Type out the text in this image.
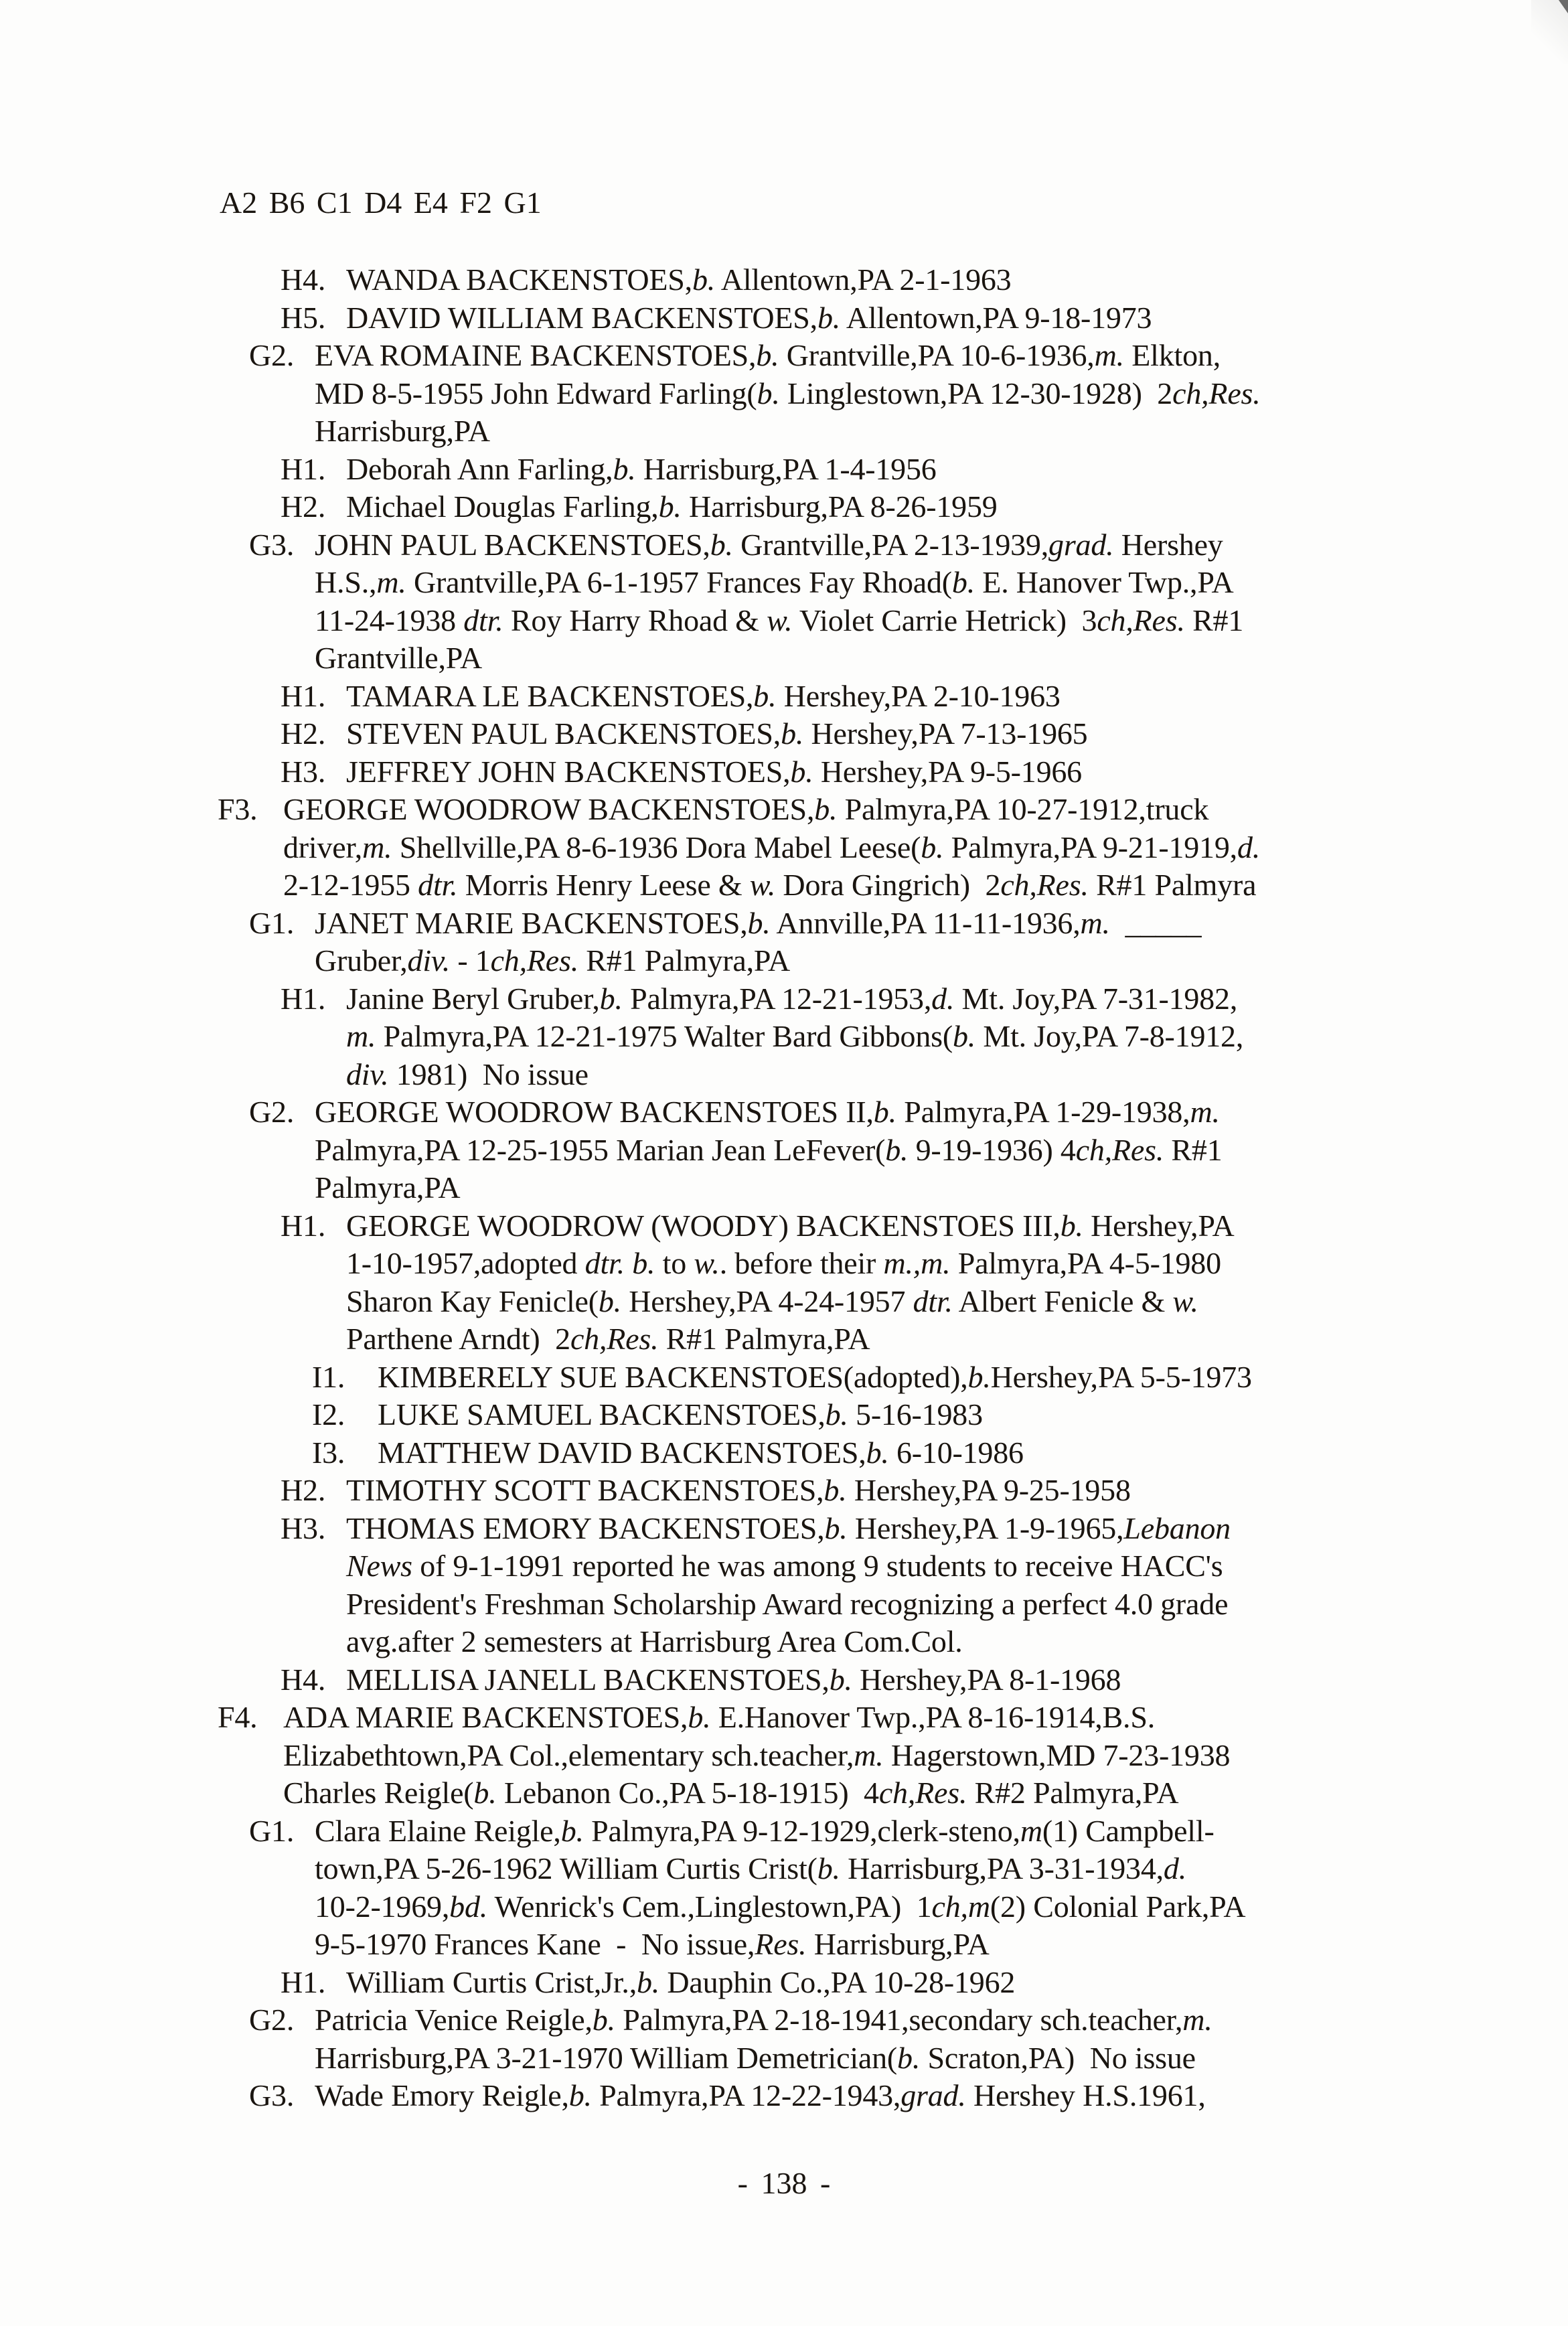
A2 B6 C1 D4 E4 F2 G1
H4. WANDA BACKENSTOES,b. Allentown,PA 2-1-1963
H5. DAVID WILLIAM BACKENSTOES,b. Allentown,PA 9-18-1973
G2. EVA ROMAINE BACKENSTOES,b. Grantville,PA 10-6-1936,m. Elkton,
MD 8-5-1955 John Edward Farling(b. Linglestown,PA 12-30-1928)  2ch,Res.
Harrisburg,PA
H1. Deborah Ann Farling,b. Harrisburg,PA 1-4-1956
H2. Michael Douglas Farling,b. Harrisburg,PA 8-26-1959
G3. JOHN PAUL BACKENSTOES,b. Grantville,PA 2-13-1939,grad. Hershey
H.S.,m. Grantville,PA 6-1-1957 Frances Fay Rhoad(b. E. Hanover Twp.,PA
11-24-1938 dtr. Roy Harry Rhoad & w. Violet Carrie Hetrick)  3ch,Res. R#1
Grantville,PA
H1. TAMARA LE BACKENSTOES,b. Hershey,PA 2-10-1963
H2. STEVEN PAUL BACKENSTOES,b. Hershey,PA 7-13-1965
H3. JEFFREY JOHN BACKENSTOES,b. Hershey,PA 9-5-1966
F3. GEORGE WOODROW BACKENSTOES,b. Palmyra,PA 10-27-1912,truck
driver,m. Shellville,PA 8-6-1936 Dora Mabel Leese(b. Palmyra,PA 9-21-1919,d.
2-12-1955 dtr. Morris Henry Leese & w. Dora Gingrich)  2ch,Res. R#1 Palmyra
G1. JANET MARIE BACKENSTOES,b. Annville,PA 11-11-1936,m.  _____
Gruber,div. - 1ch,Res. R#1 Palmyra,PA
H1. Janine Beryl Gruber,b. Palmyra,PA 12-21-1953,d. Mt. Joy,PA 7-31-1982,
m. Palmyra,PA 12-21-1975 Walter Bard Gibbons(b. Mt. Joy,PA 7-8-1912,
div. 1981)  No issue
G2. GEORGE WOODROW BACKENSTOES II,b. Palmyra,PA 1-29-1938,m.
Palmyra,PA 12-25-1955 Marian Jean LeFever(b. 9-19-1936) 4ch,Res. R#1
Palmyra,PA
H1. GEORGE WOODROW (WOODY) BACKENSTOES III,b. Hershey,PA
1-10-1957,adopted dtr. b. to w.. before their m.,m. Palmyra,PA 4-5-1980
Sharon Kay Fenicle(b. Hershey,PA 4-24-1957 dtr. Albert Fenicle & w.
Parthene Arndt)  2ch,Res. R#1 Palmyra,PA
I1. KIMBERELY SUE BACKENSTOES(adopted),b.Hershey,PA 5-5-1973
I2. LUKE SAMUEL BACKENSTOES,b. 5-16-1983
I3. MATTHEW DAVID BACKENSTOES,b. 6-10-1986
H2. TIMOTHY SCOTT BACKENSTOES,b. Hershey,PA 9-25-1958
H3. THOMAS EMORY BACKENSTOES,b. Hershey,PA 1-9-1965,Lebanon
News of 9-1-1991 reported he was among 9 students to receive HACC's
President's Freshman Scholarship Award recognizing a perfect 4.0 grade
avg.after 2 semesters at Harrisburg Area Com.Col.
H4. MELLISA JANELL BACKENSTOES,b. Hershey,PA 8-1-1968
F4. ADA MARIE BACKENSTOES,b. E.Hanover Twp.,PA 8-16-1914,B.S.
Elizabethtown,PA Col.,elementary sch.teacher,m. Hagerstown,MD 7-23-1938
Charles Reigle(b. Lebanon Co.,PA 5-18-1915)  4ch,Res. R#2 Palmyra,PA
G1. Clara Elaine Reigle,b. Palmyra,PA 9-12-1929,clerk-steno,m(1) Campbell-
town,PA 5-26-1962 William Curtis Crist(b. Harrisburg,PA 3-31-1934,d.
10-2-1969,bd. Wenrick's Cem.,Linglestown,PA)  1ch,m(2) Colonial Park,PA
9-5-1970 Frances Kane  -  No issue,Res. Harrisburg,PA
H1. William Curtis Crist,Jr.,b. Dauphin Co.,PA 10-28-1962
G2. Patricia Venice Reigle,b. Palmyra,PA 2-18-1941,secondary sch.teacher,m.
Harrisburg,PA 3-21-1970 William Demetrician(b. Scraton,PA)  No issue
G3. Wade Emory Reigle,b. Palmyra,PA 12-22-1943,grad. Hershey H.S.1961,
- 138 -
